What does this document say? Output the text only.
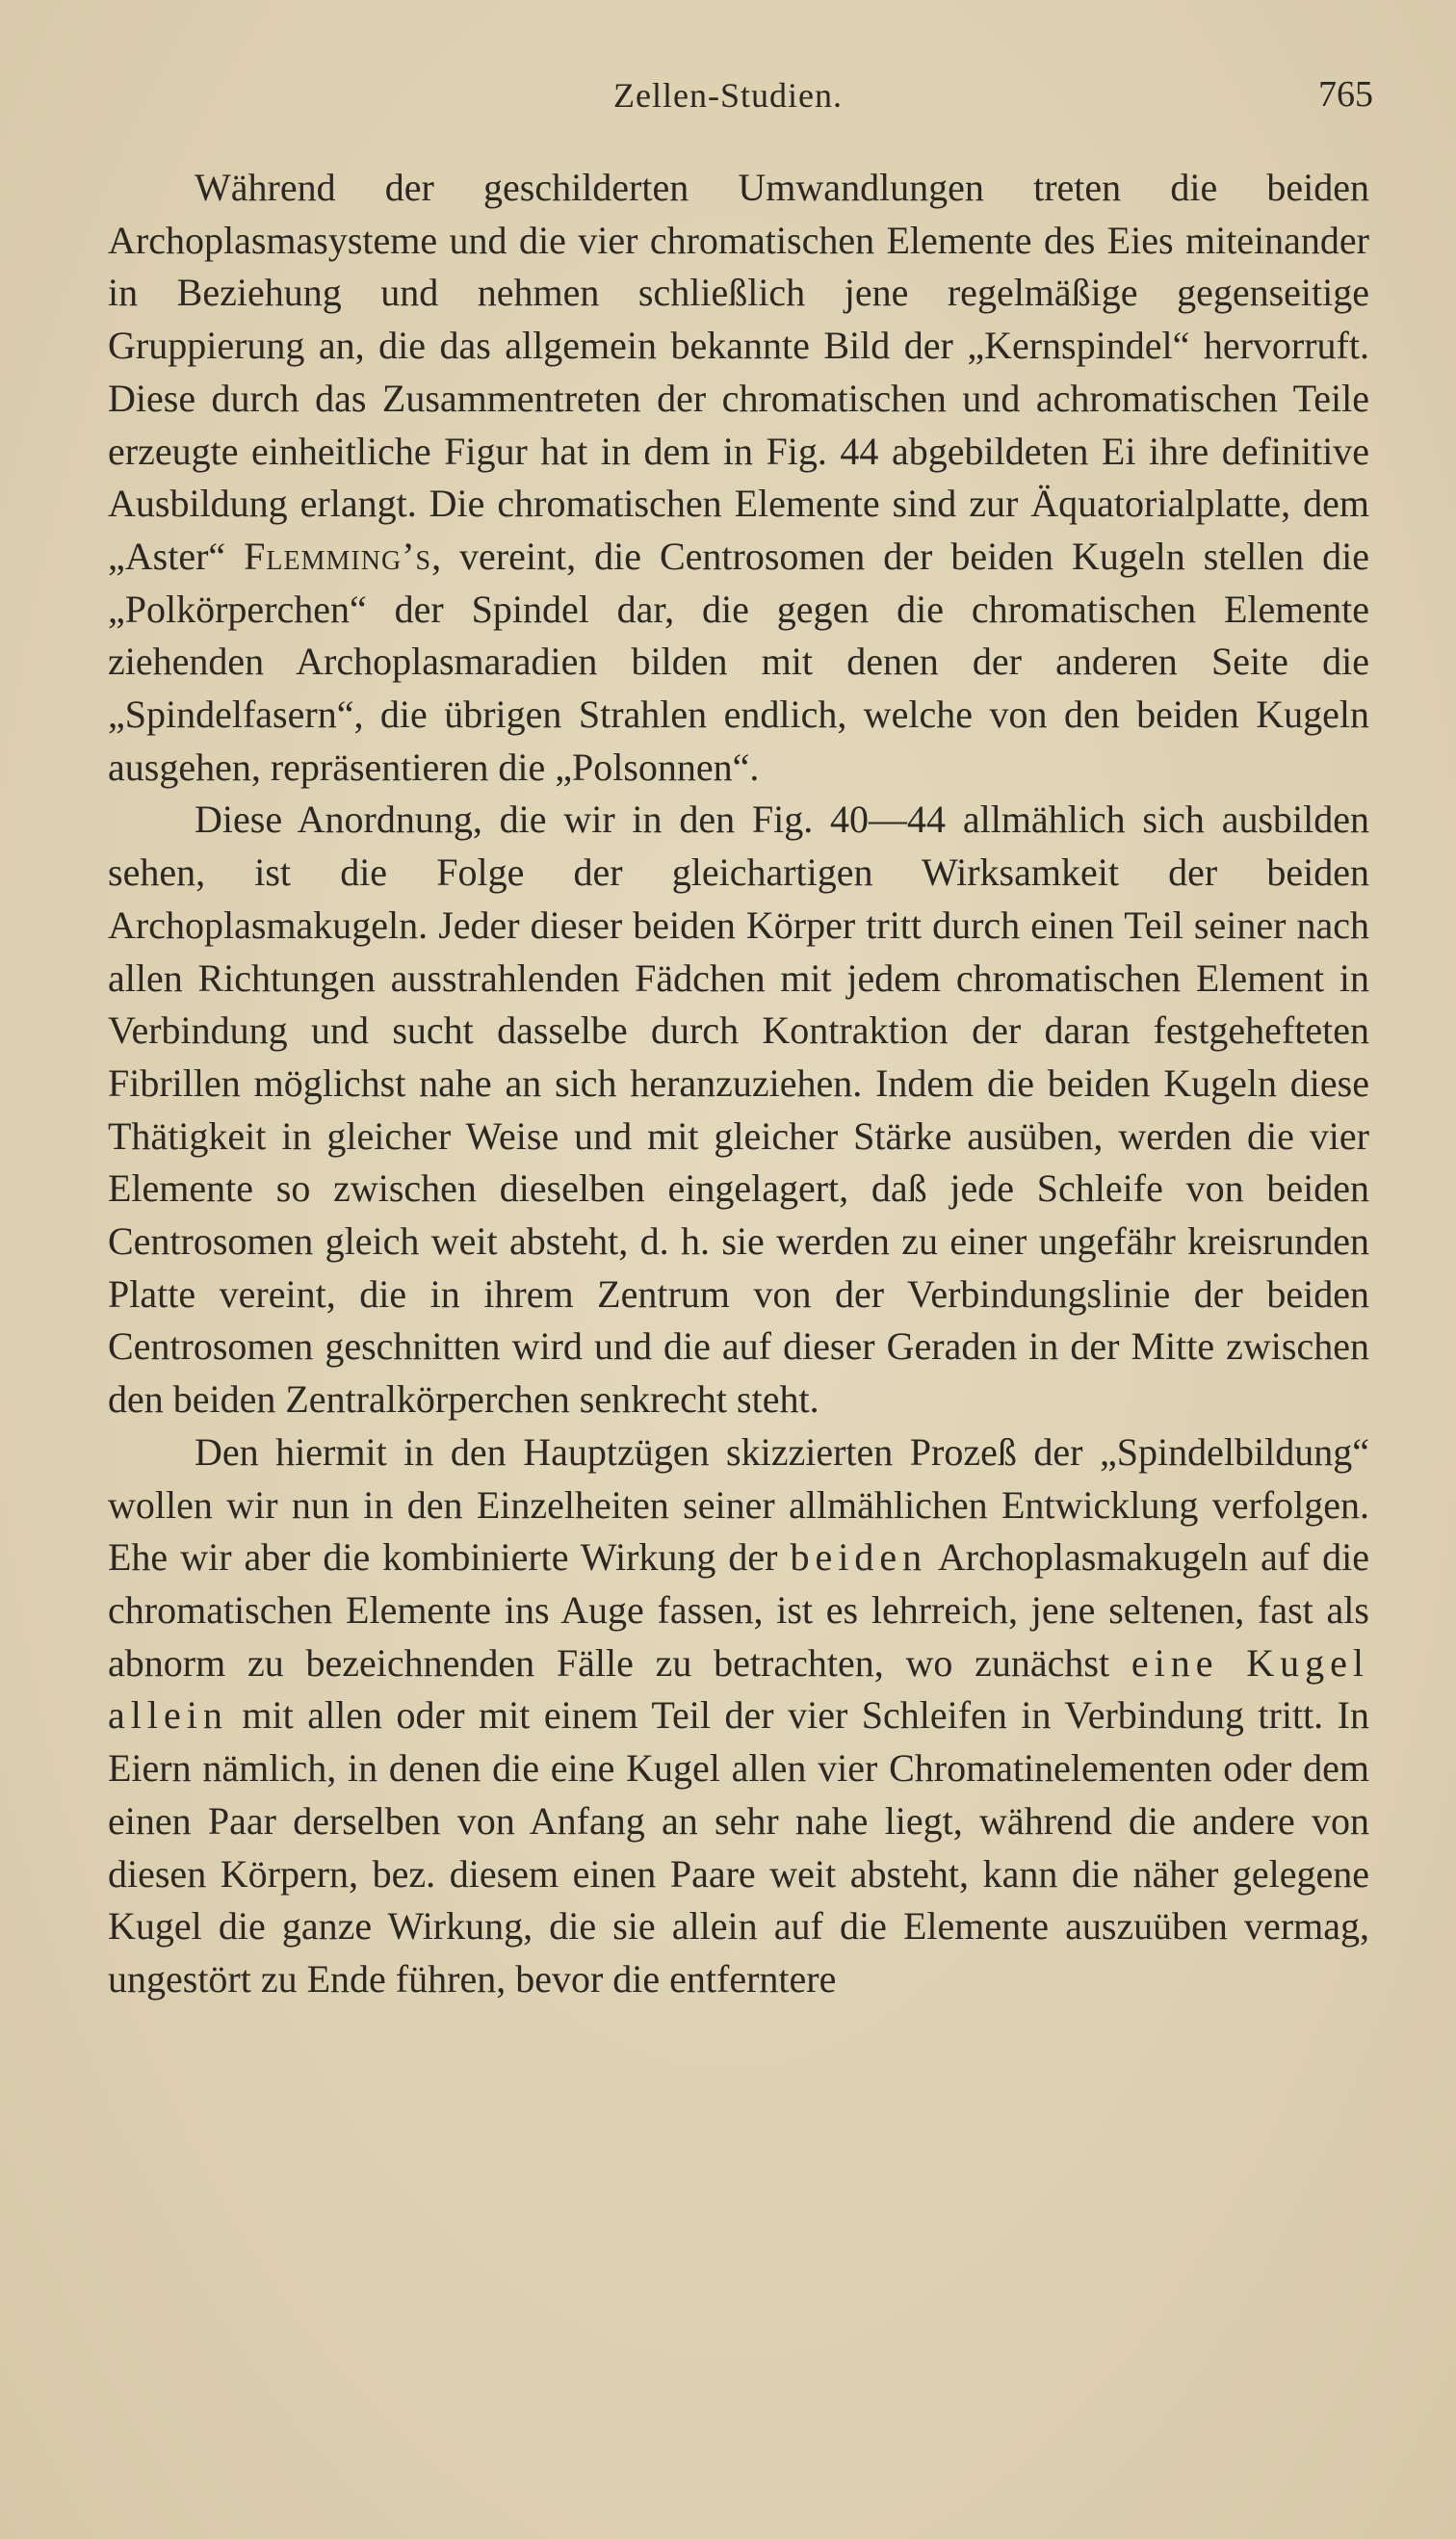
Zellen-Studien.	765

Während der geschilderten Umwandlungen treten die beiden Archoplasmasysteme und die vier chromatischen Elemente des Eies miteinander in Beziehung und nehmen schließlich jene regelmäßige gegenseitige Gruppierung an, die das allgemein bekannte Bild der „Kernspindel“ hervorruft. Diese durch das Zusammentreten der chromatischen und achromatischen Teile erzeugte einheitliche Figur hat in dem in Fig. 44 abgebildeten Ei ihre definitive Ausbildung erlangt. Die chromatischen Elemente sind zur Äquatorialplatte, dem „Aster“ Flemming’s, vereint, die Centrosomen der beiden Kugeln stellen die „Polkörperchen“ der Spindel dar, die gegen die chromatischen Elemente ziehenden Archoplasmaradien bilden mit denen der anderen Seite die „Spindelfasern“, die übrigen Strahlen endlich, welche von den beiden Kugeln ausgehen, repräsentieren die „Polsonnen“.

Diese Anordnung, die wir in den Fig. 40—44 allmählich sich ausbilden sehen, ist die Folge der gleichartigen Wirksamkeit der beiden Archoplasmakugeln. Jeder dieser beiden Körper tritt durch einen Teil seiner nach allen Richtungen ausstrahlenden Fädchen mit jedem chromatischen Element in Verbindung und sucht dasselbe durch Kontraktion der daran festgehefteten Fibrillen möglichst nahe an sich heranzuziehen. Indem die beiden Kugeln diese Thätigkeit in gleicher Weise und mit gleicher Stärke ausüben, werden die vier Elemente so zwischen dieselben eingelagert, daß jede Schleife von beiden Centrosomen gleich weit absteht, d. h. sie werden zu einer ungefähr kreisrunden Platte vereint, die in ihrem Zentrum von der Verbindungslinie der beiden Centrosomen geschnitten wird und die auf dieser Geraden in der Mitte zwischen den beiden Zentralkörperchen senkrecht steht.

Den hiermit in den Hauptzügen skizzierten Prozeß der „Spindelbildung“ wollen wir nun in den Einzelheiten seiner allmählichen Entwicklung verfolgen. Ehe wir aber die kombinierte Wirkung der beiden Archoplasmakugeln auf die chromatischen Elemente ins Auge fassen, ist es lehrreich, jene seltenen, fast als abnorm zu bezeichnenden Fälle zu betrachten, wo zunächst eine Kugel allein mit allen oder mit einem Teil der vier Schleifen in Verbindung tritt. In Eiern nämlich, in denen die eine Kugel allen vier Chromatinelementen oder dem einen Paar derselben von Anfang an sehr nahe liegt, während die andere von diesen Körpern, bez. diesem einen Paare weit absteht, kann die näher gelegene Kugel die ganze Wirkung, die sie allein auf die Elemente auszuüben vermag, ungestört zu Ende führen, bevor die entferntere
